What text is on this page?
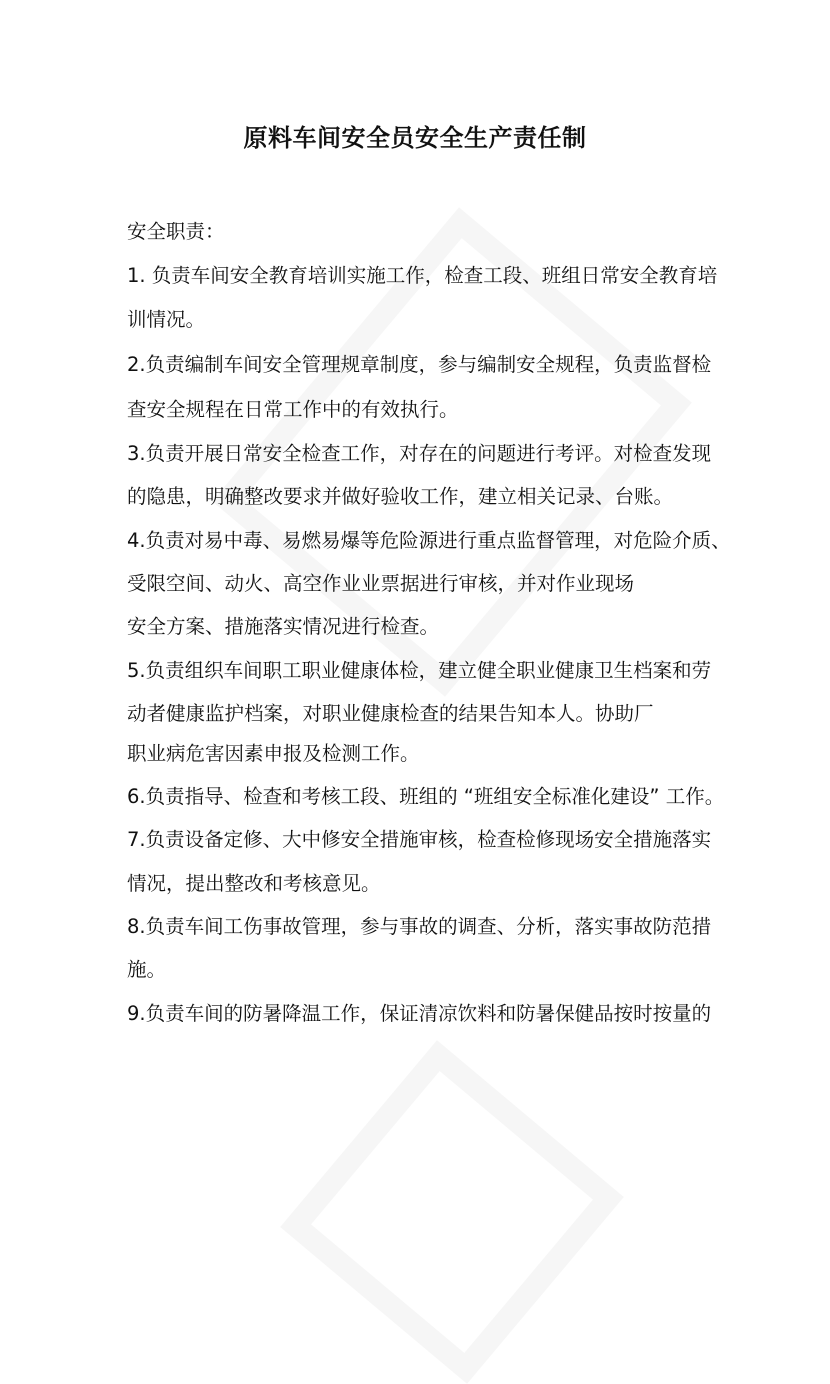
原料车间安全员安全生产责任制
安全职责：
1. 负责车间安全教育培训实施工作，检查工段、班组日常安全教育培
训情况。
2.负责编制车间安全管理规章制度，参与编制安全规程，负责监督检
查安全规程在日常工作中的有效执行。
3.负责开展日常安全检查工作，对存在的问题进行考评。对检查发现
的隐患，明确整改要求并做好验收工作，建立相关记录、台账。
4.负责对易中毒、易燃易爆等危险源进行重点监督管理，对危险介质、
受限空间、动火、高空作业业票据进行审核，并对作业现场
安全方案、措施落实情况进行检查。
5.负责组织车间职工职业健康体检，建立健全职业健康卫生档案和劳
动者健康监护档案，对职业健康检查的结果告知本人。协助厂
职业病危害因素申报及检测工作。
6.负责指导、检查和考核工段、班组的 “班组安全标准化建设” 工作。
7.负责设备定修、大中修安全措施审核，检查检修现场安全措施落实
情况，提出整改和考核意见。
8.负责车间工伤事故管理，参与事故的调查、分析，落实事故防范措
施。
9.负责车间的防暑降温工作，保证清凉饮料和防暑保健品按时按量的
